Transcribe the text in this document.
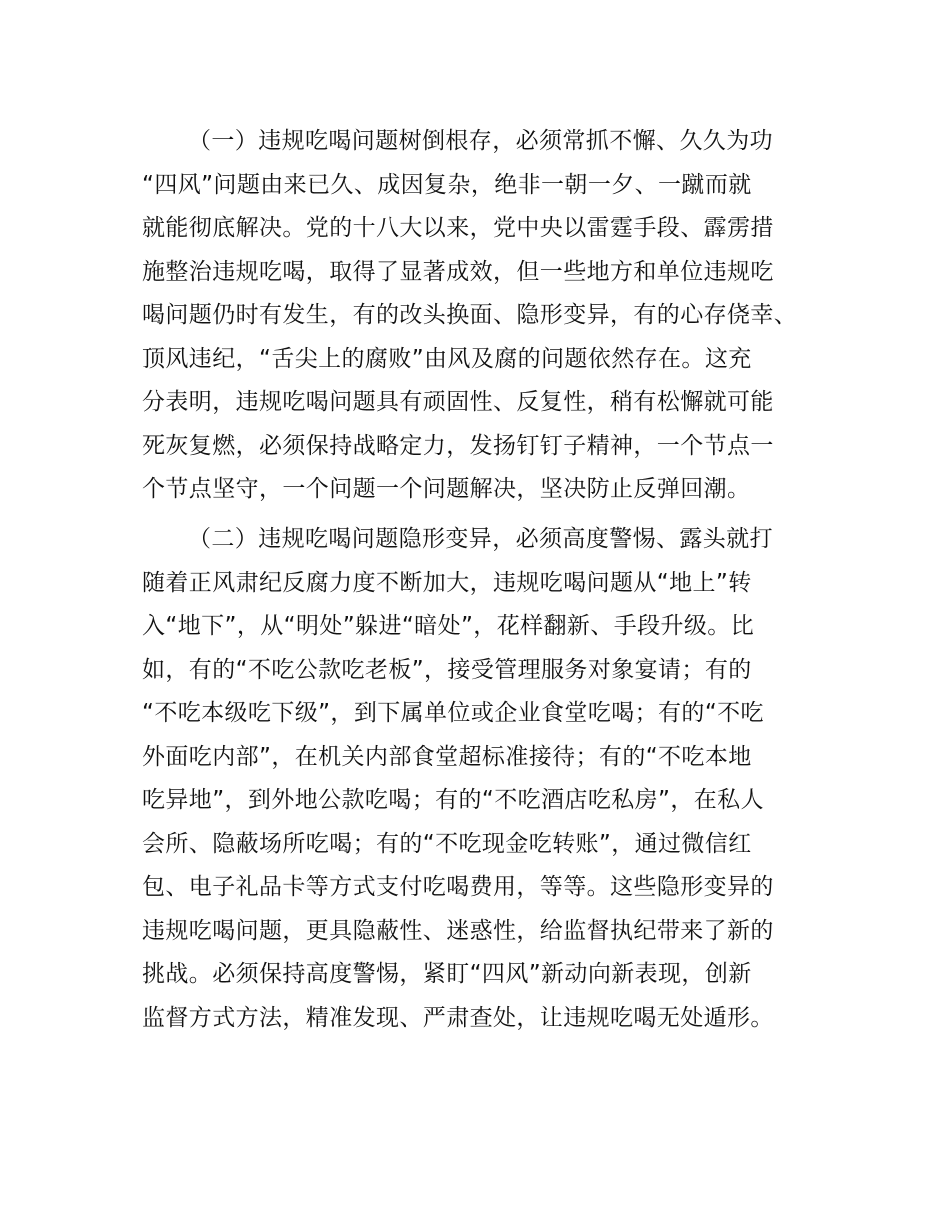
（一）违规吃喝问题树倒根存，必须常抓不懈、久久为功
“四风”问题由来已久、成因复杂，绝非一朝一夕、一蹴而就
就能彻底解决。党的十八大以来，党中央以雷霆手段、霹雳措
施整治违规吃喝，取得了显著成效，但一些地方和单位违规吃
喝问题仍时有发生，有的改头换面、隐形变异，有的心存侥幸、
顶风违纪，“舌尖上的腐败”由风及腐的问题依然存在。这充
分表明，违规吃喝问题具有顽固性、反复性，稍有松懈就可能
死灰复燃，必须保持战略定力，发扬钉钉子精神，一个节点一
个节点坚守，一个问题一个问题解决，坚决防止反弹回潮。
（二）违规吃喝问题隐形变异，必须高度警惕、露头就打
随着正风肃纪反腐力度不断加大，违规吃喝问题从“地上”转
入“地下”，从“明处”躲进“暗处”，花样翻新、手段升级。比
如，有的“不吃公款吃老板”，接受管理服务对象宴请；有的
“不吃本级吃下级”，到下属单位或企业食堂吃喝；有的“不吃
外面吃内部”，在机关内部食堂超标准接待；有的“不吃本地
吃异地”，到外地公款吃喝；有的“不吃酒店吃私房”，在私人
会所、隐蔽场所吃喝；有的“不吃现金吃转账”，通过微信红
包、电子礼品卡等方式支付吃喝费用，等等。这些隐形变异的
违规吃喝问题，更具隐蔽性、迷惑性，给监督执纪带来了新的
挑战。必须保持高度警惕，紧盯“四风”新动向新表现，创新
监督方式方法，精准发现、严肃查处，让违规吃喝无处遁形。
